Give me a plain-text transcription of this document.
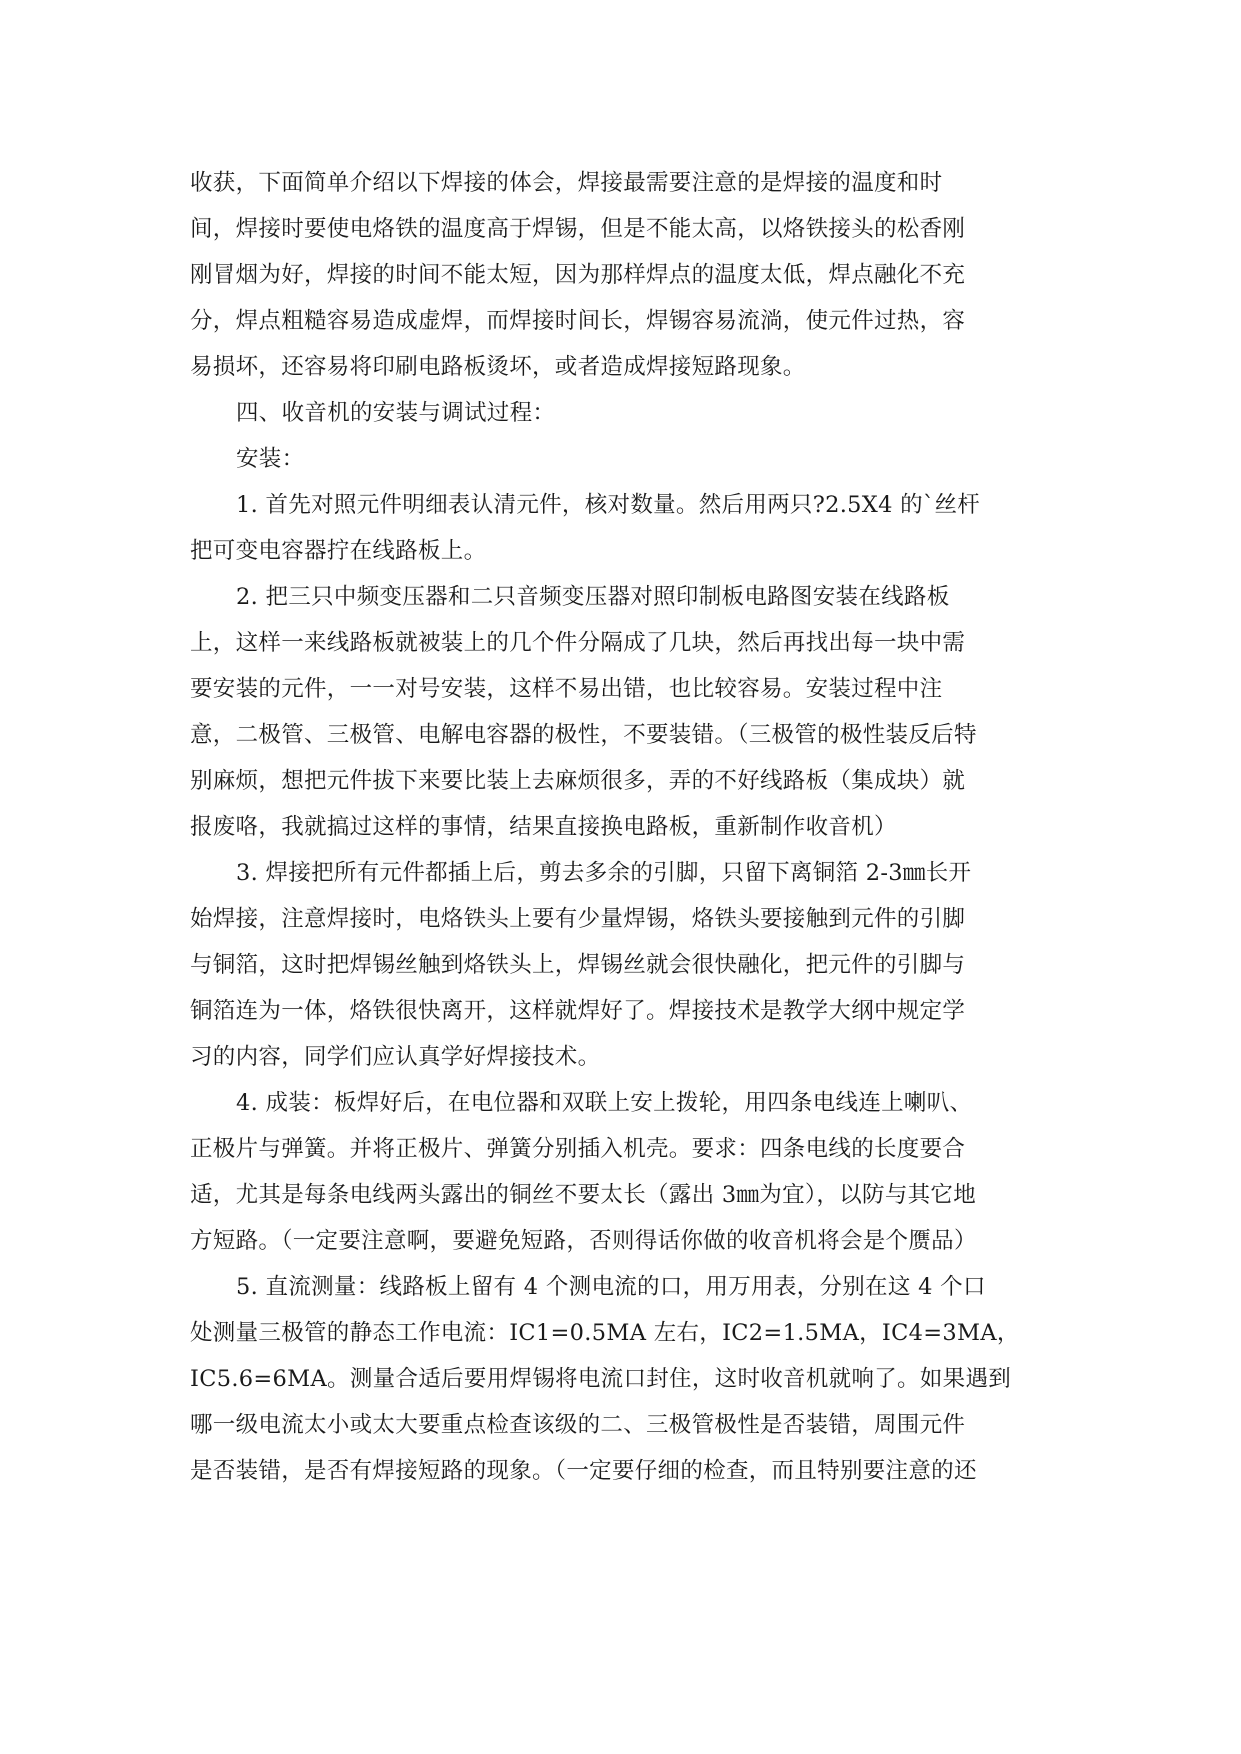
收获，下面简单介绍以下焊接的体会，焊接最需要注意的是焊接的温度和时
间，焊接时要使电烙铁的温度高于焊锡，但是不能太高，以烙铁接头的松香刚
刚冒烟为好，焊接的时间不能太短，因为那样焊点的温度太低，焊点融化不充
分，焊点粗糙容易造成虚焊，而焊接时间长，焊锡容易流淌，使元件过热，容
易损坏，还容易将印刷电路板烫坏，或者造成焊接短路现象。
四、收音机的安装与调试过程：
安装：
1. 首先对照元件明细表认清元件，核对数量。然后用两只?2.5X4 的`丝杆
把可变电容器拧在线路板上。
2. 把三只中频变压器和二只音频变压器对照印制板电路图安装在线路板
上，这样一来线路板就被装上的几个件分隔成了几块，然后再找出每一块中需
要安装的元件，一一对号安装，这样不易出错，也比较容易。安装过程中注
意，二极管、三极管、电解电容器的极性，不要装错。（三极管的极性装反后特
别麻烦，想把元件拔下来要比装上去麻烦很多，弄的不好线路板（集成块）就
报废咯，我就搞过这样的事情，结果直接换电路板，重新制作收音机）
3. 焊接把所有元件都插上后，剪去多余的引脚，只留下离铜箔 2-3㎜长开
始焊接，注意焊接时，电烙铁头上要有少量焊锡，烙铁头要接触到元件的引脚
与铜箔，这时把焊锡丝触到烙铁头上，焊锡丝就会很快融化，把元件的引脚与
铜箔连为一体，烙铁很快离开，这样就焊好了。焊接技术是教学大纲中规定学
习的内容，同学们应认真学好焊接技术。
4. 成装：板焊好后，在电位器和双联上安上拨轮，用四条电线连上喇叭、
正极片与弹簧。并将正极片、弹簧分别插入机壳。要求：四条电线的长度要合
适，尤其是每条电线两头露出的铜丝不要太长（露出 3㎜为宜），以防与其它地
方短路。（一定要注意啊，要避免短路，否则得话你做的收音机将会是个赝品）
5. 直流测量：线路板上留有 4 个测电流的口，用万用表，分别在这 4 个口
处测量三极管的静态工作电流：IC1=0.5MA 左右，IC2=1.5MA，IC4=3MA，
IC5.6=6MA。测量合适后要用焊锡将电流口封住，这时收音机就响了。如果遇到
哪一级电流太小或太大要重点检查该级的二、三极管极性是否装错，周围元件
是否装错，是否有焊接短路的现象。（一定要仔细的检查，而且特别要注意的还
